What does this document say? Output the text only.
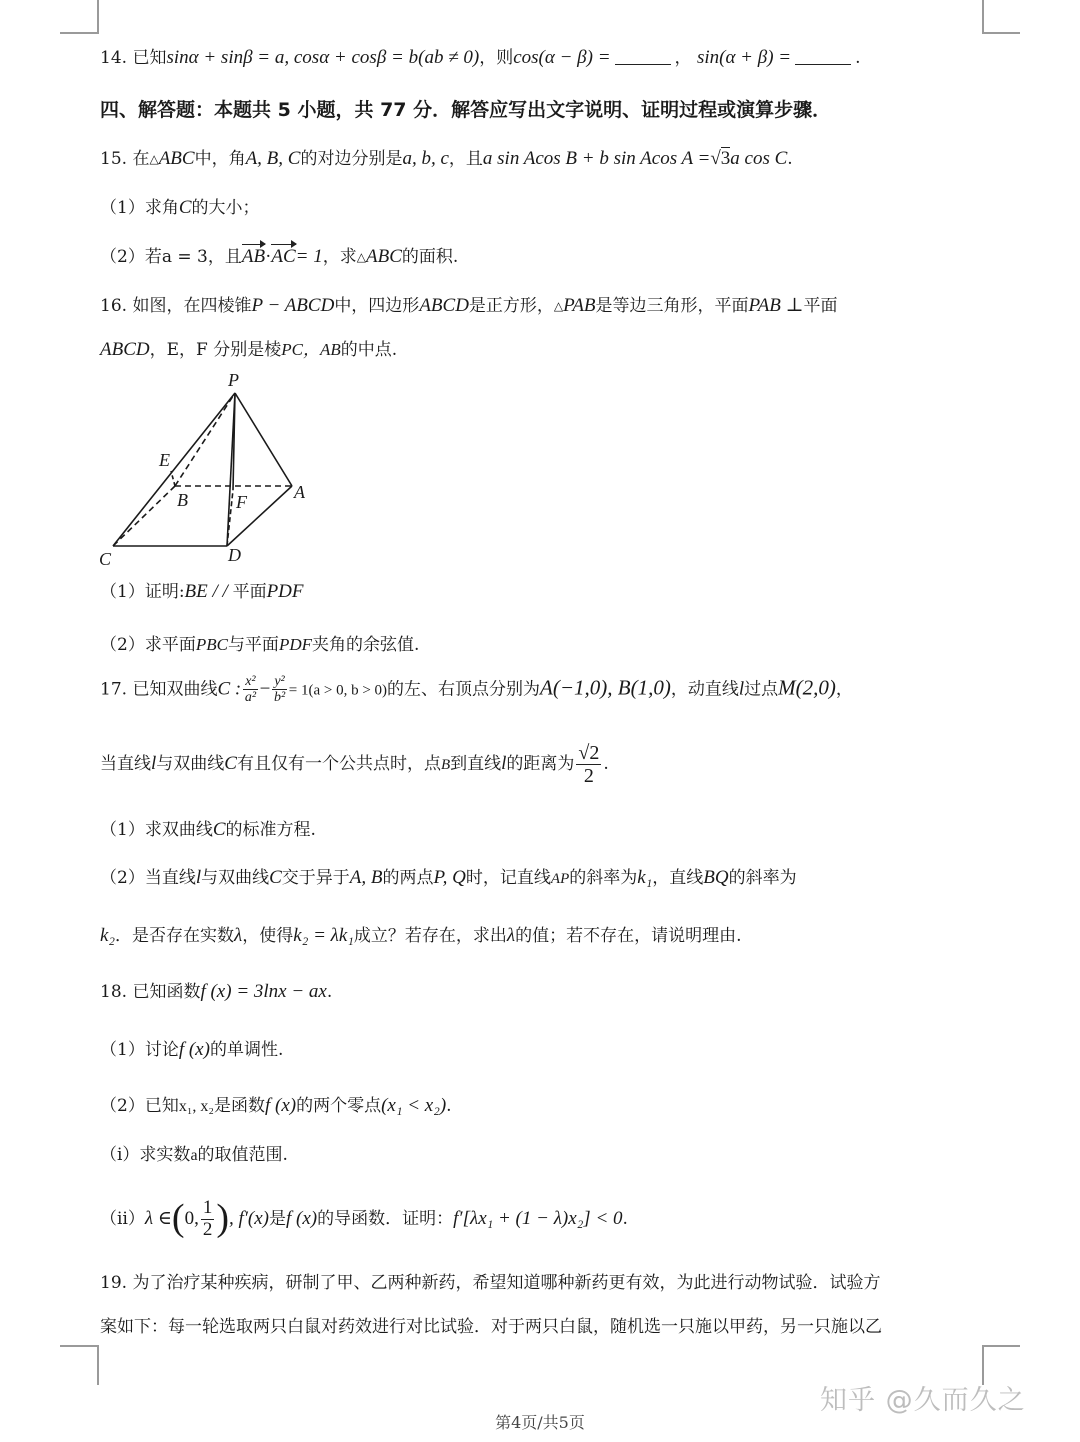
14. 已知sinα + sinβ = a, cosα + cosβ = b(ab ≠ 0)，则cos(α − β) =	， sin(α + β) =	.
四、解答题：本题共 5 小题，共 77 分．解答应写出文字说明、证明过程或演算步骤．
15. 在△ABC中，角A, B, C的对边分别是a, b, c，且a sin Acos B + b sin Acos A =√3a cos C.
（1）求角C的大小；
（2）若a = 3，且AB·AC= 1，求△ABC的面积.
16. 如图，在四棱锥P − ABCD中，四边形ABCD是正方形，△PAB是等边三角形，平面PAB ⊥平面
ABCD，E，F 分别是棱PC，AB的中点.
P
E
B	F	A
C	D
（1）证明:BE / / 平面PDF
（2）求平面PBC与平面PDF夹角的余弦值.
17. 已知双曲线C : $\frac{\text{x²}}{\text{a²}} - \frac{\text{y²}}{\text{b²}} = 1(a > 0$, b > 0)的左、右顶点分别为A(−1,0), B(1,0)，动直线l过点M(2,0)，
当直线l与双曲线C有且仅有一个公共点时，点B到直线l的距离为 $\frac{√2}{2}$ .
（1）求双曲线C的标准方程.
（2）当直线l与双曲线C交于异于A, B的两点P, Q时，记直线AP的斜率为k₁，直线BQ的斜率为
k₂．是否存在实数λ，使得k₂ = λk₁成立？若存在，求出λ的值；若不存在，请说明理由.
18. 已知函数f (x) = 3lnx − ax.
（1）讨论f (x)的单调性.
（2）已知x₁, x₂是函数f (x)的两个零点(x₁ < x₂).
（ⅰ）求实数a的取值范围.
（ⅱ）λ ∈(0, $\frac{1}{2}$ ), f′(x)是f (x)的导函数．证明：f′[λx₁ + (1 − λ)x₂] < 0.
19. 为了治疗某种疾病，研制了甲、乙两种新药，希望知道哪种新药更有效，为此进行动物试验．试验方
案如下：每一轮选取两只白鼠对药效进行对比试验．对于两只白鼠，随机选一只施以甲药，另一只施以乙
知乎 @久而久之
第4页/共5页
